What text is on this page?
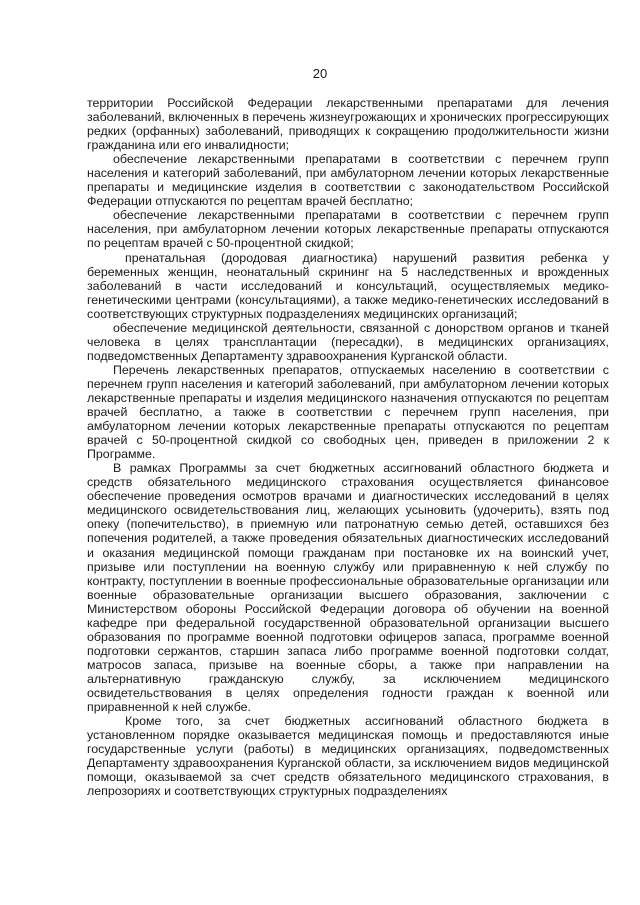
20

территории Российской Федерации лекарственными препаратами для лечения заболеваний, включенных в перечень жизнеугрожающих и хронических прогрессирующих редких (орфанных) заболеваний, приводящих к сокращению продолжительности жизни гражданина или его инвалидности;

обеспечение лекарственными препаратами в соответствии с перечнем групп населения и категорий заболеваний, при амбулаторном лечении которых лекарственные препараты и медицинские изделия в соответствии с законодательством Российской Федерации отпускаются по рецептам врачей бесплатно;

обеспечение лекарственными препаратами в соответствии с перечнем групп населения, при амбулаторном лечении которых лекарственные препараты отпускаются по рецептам врачей с 50-процентной скидкой;

пренатальная (дородовая диагностика) нарушений развития ребенка у беременных женщин, неонатальный скрининг на 5 наследственных и врожденных заболеваний в части исследований и консультаций, осуществляемых медико-генетическими центрами (консультациями), а также медико-генетических исследований в соответствующих структурных подразделениях медицинских организаций;

обеспечение медицинской деятельности, связанной с донорством органов и тканей человека в целях трансплантации (пересадки), в медицинских организациях, подведомственных Департаменту здравоохранения Курганской области.

Перечень лекарственных препаратов, отпускаемых населению в соответствии с перечнем групп населения и категорий заболеваний, при амбулаторном лечении которых лекарственные препараты и изделия медицинского назначения отпускаются по рецептам врачей бесплатно, а также в соответствии с перечнем групп населения, при амбулаторном лечении которых лекарственные препараты отпускаются по рецептам врачей с 50-процентной скидкой со свободных цен, приведен в приложении 2 к Программе.

В рамках Программы за счет бюджетных ассигнований областного бюджета и средств обязательного медицинского страхования осуществляется финансовое обеспечение проведения осмотров врачами и диагностических исследований в целях медицинского освидетельствования лиц, желающих усыновить (удочерить), взять под опеку (попечительство), в приемную или патронатную семью детей, оставшихся без попечения родителей, а также проведения обязательных диагностических исследований и оказания медицинской помощи гражданам при постановке их на воинский учет, призыве или поступлении на военную службу или приравненную к ней службу по контракту, поступлении в военные профессиональные образовательные организации или военные образовательные организации высшего образования, заключении с Министерством обороны Российской Федерации договора об обучении на военной кафедре при федеральной государственной образовательной организации высшего образования по программе военной подготовки офицеров запаса, программе военной подготовки сержантов, старшин запаса либо программе военной подготовки солдат, матросов запаса, призыве на военные сборы, а также при направлении на альтернативную гражданскую службу, за исключением медицинского освидетельствования в целях определения годности граждан к военной или приравненной к ней службе.

Кроме того, за счет бюджетных ассигнований областного бюджета в установленном порядке оказывается медицинская помощь и предоставляются иные государственные услуги (работы) в медицинских организациях, подведомственных Департаменту здравоохранения Курганской области, за исключением видов медицинской помощи, оказываемой за счет средств обязательного медицинского страхования, в лепрозориях и соответствующих структурных подразделениях
